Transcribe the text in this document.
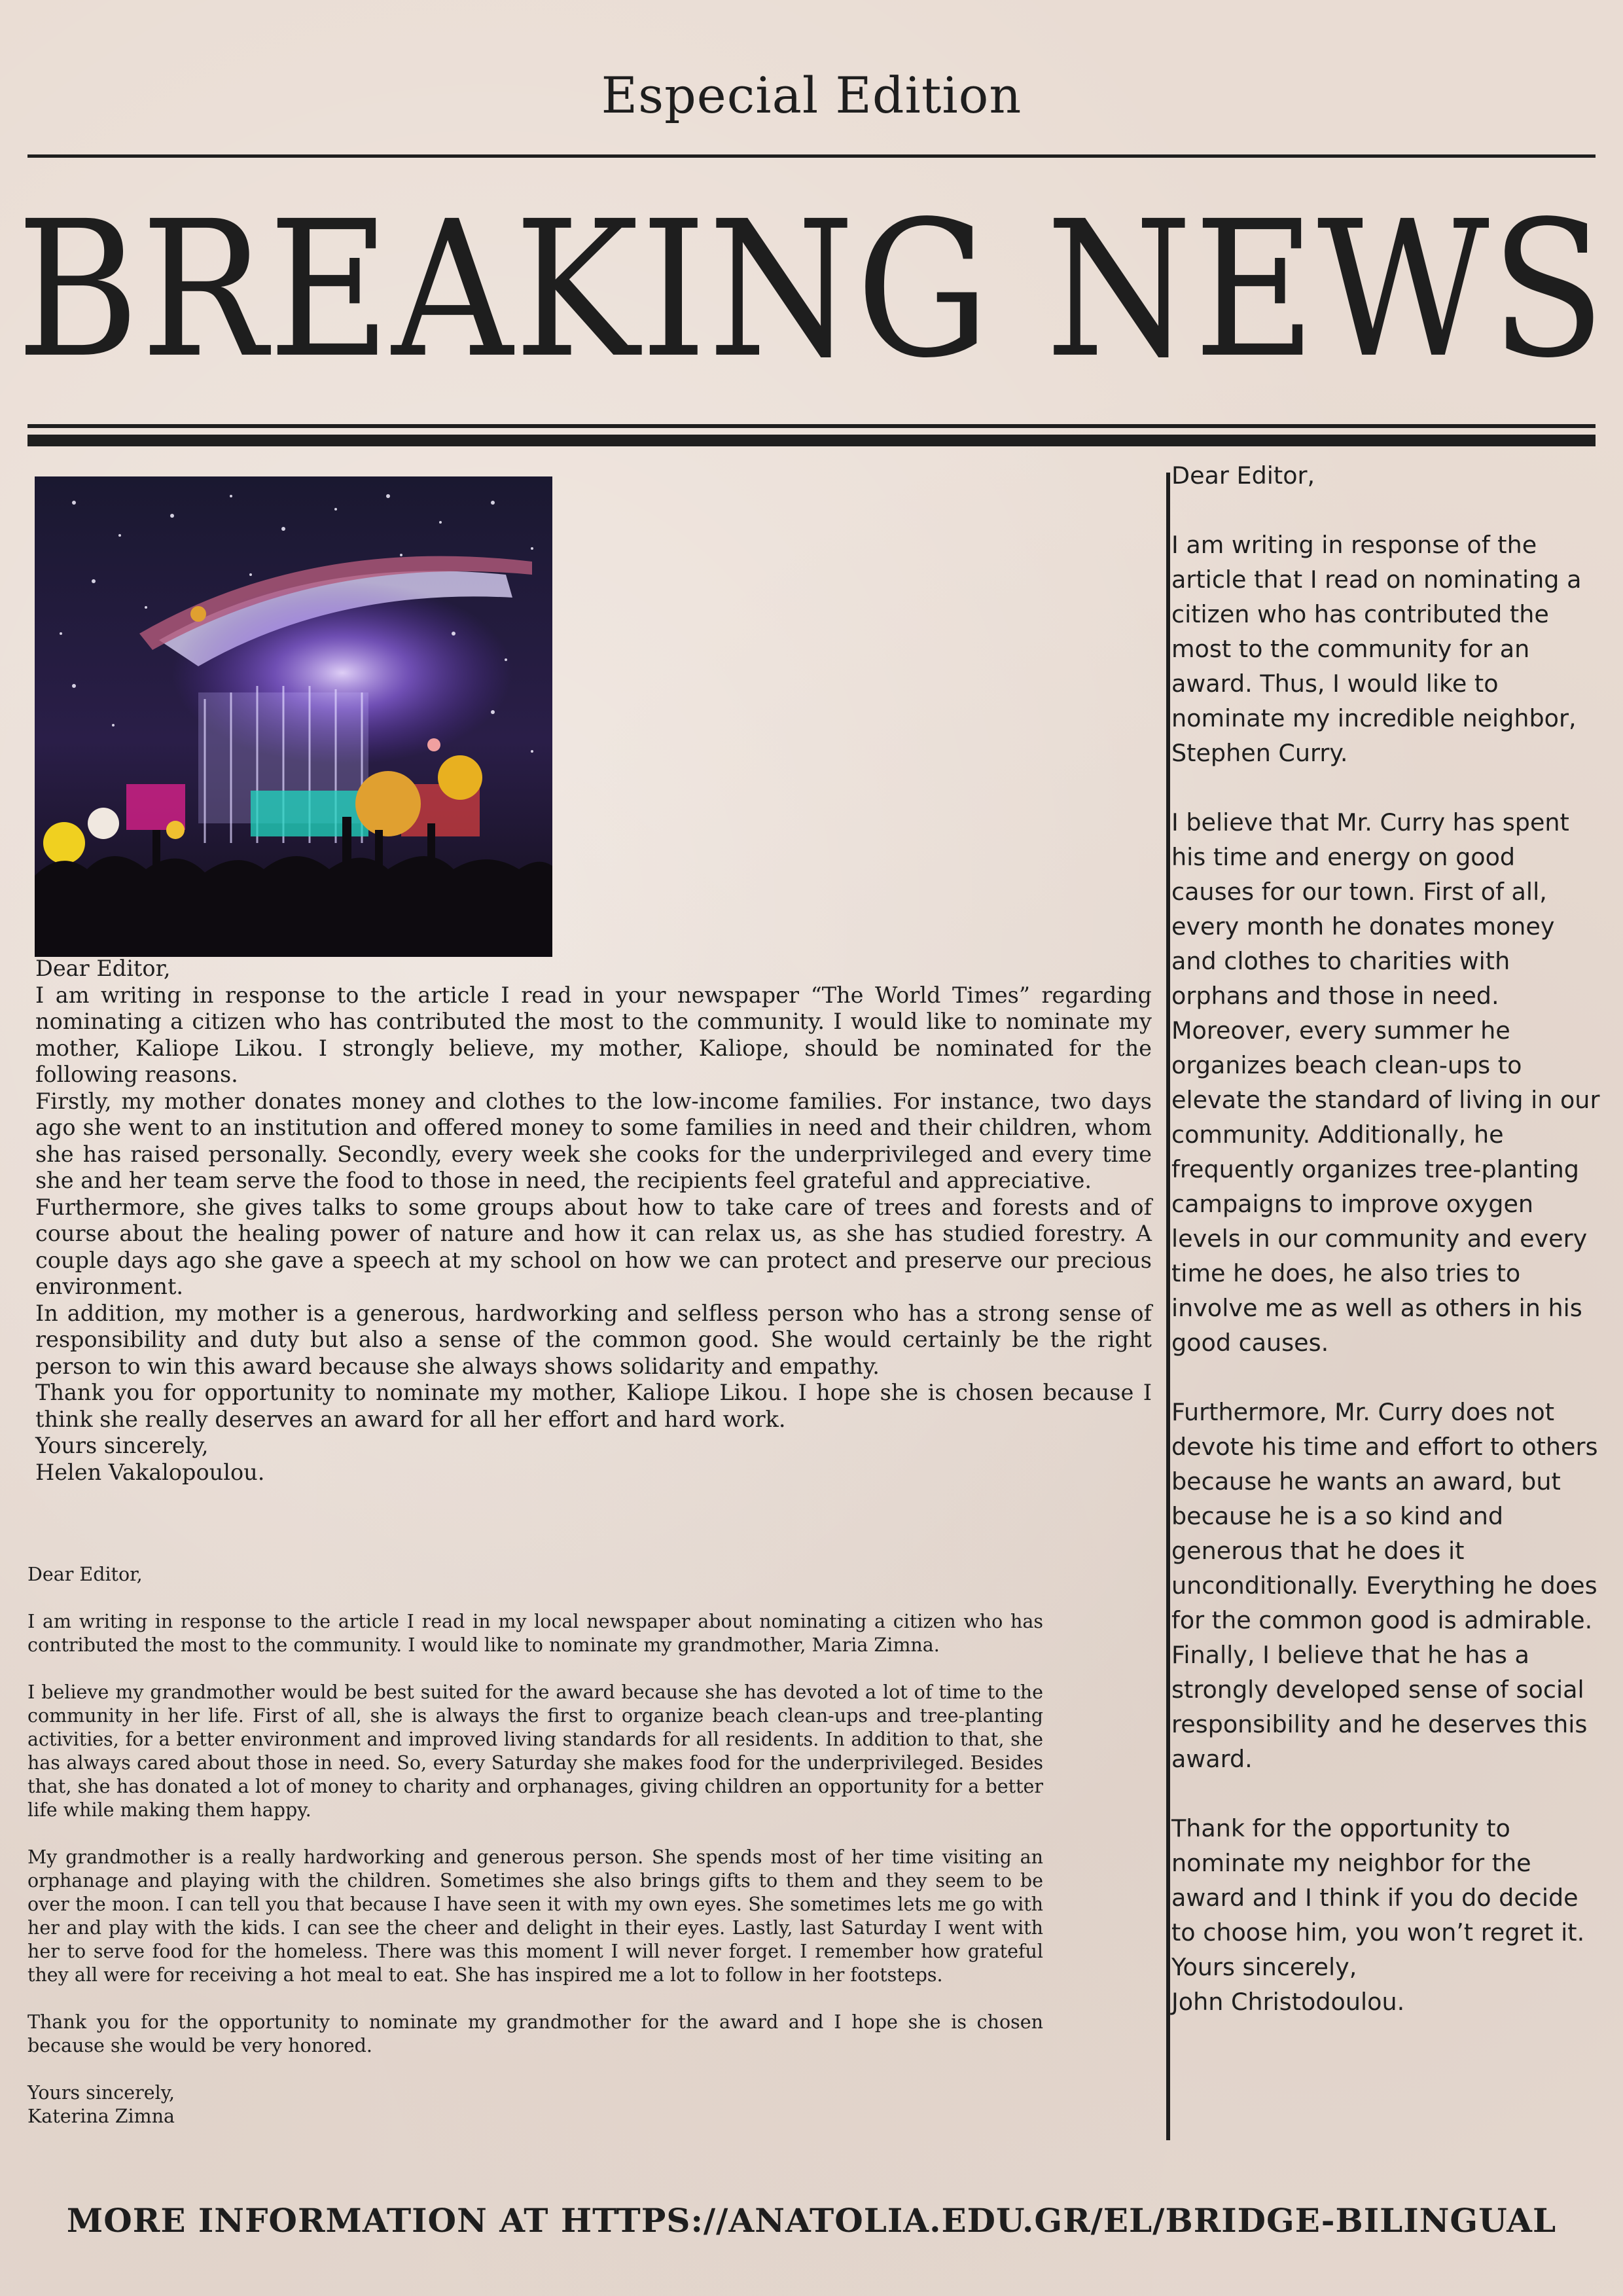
Especial Edition
BREAKING NEWS

Dear Editor,

I am writing in response to the article I read in your newspaper “The World Times” regarding nominating a citizen who has contributed the most to the community. I would like to nominate my mother, Kaliope Likou. I strongly believe, my mother, Kaliope, should be nominated for the following reasons.

Firstly, my mother donates money and clothes to the low-income families. For instance, two days ago she went to an institution and offered money to some families in need and their children, whom she has raised personally. Secondly, every week she cooks for the underprivileged and every time she and her team serve the food to those in need, the recipients feel grateful and appreciative.

Furthermore, she gives talks to some groups about how to take care of trees and forests and of course about the healing power of nature and how it can relax us, as she has studied forestry. A couple days ago she gave a speech at my school on how we can protect and preserve our precious environment.

In addition, my mother is a generous, hardworking and selfless person who has a strong sense of responsibility and duty but also a sense of the common good. She would certainly be the right person to win this award because she always shows solidarity and empathy.

Thank you for opportunity to nominate my mother, Kaliope Likou. I hope she is chosen because I think she really deserves an award for all her effort and hard work.

Yours sincerely,

Helen Vakalopoulou.

Dear Editor,

I am writing in response to the article I read in my local newspaper about nominating a citizen who has contributed the most to the community. I would like to nominate my grandmother, Maria Zimna.

I believe my grandmother would be best suited for the award because she has devoted a lot of time to the community in her life. First of all, she is always the first to organize beach clean-ups and tree-planting activities, for a better environment and improved living standards for all residents. In addition to that, she has always cared about those in need. So, every Saturday she makes food for the underprivileged. Besides that, she has donated a lot of money to charity and orphanages, giving children an opportunity for a better life while making them happy.

My grandmother is a really hardworking and generous person. She spends most of her time visiting an orphanage and playing with the children. Sometimes she also brings gifts to them and they seem to be over the moon. I can tell you that because I have seen it with my own eyes. She sometimes lets me go with her and play with the kids. I can see the cheer and delight in their eyes. Lastly, last Saturday I went with her to serve food for the homeless. There was this moment I will never forget. I remember how grateful they all were for receiving a hot meal to eat. She has inspired me a lot to follow in her footsteps.

Thank you for the opportunity to nominate my grandmother for the award and I hope she is chosen because she would be very honored.

Yours sincerely,

Katerina Zimna

Dear Editor,

I am writing in response of the article that I read on nominating a citizen who has contributed the most to the community for an award. Thus, I would like to nominate my incredible neighbor, Stephen Curry.

I believe that Mr. Curry has spent his time and energy on good causes for our town. First of all, every month he donates money and clothes to charities with orphans and those in need. Moreover, every summer he organizes beach clean-ups to elevate the standard of living in our community. Additionally, he frequently organizes tree-planting campaigns to improve oxygen levels in our community and every time he does, he also tries to involve me as well as others in his good causes.

Furthermore, Mr. Curry does not devote his time and effort to others because he wants an award, but because he is a so kind and generous that he does it unconditionally. Everything he does for the common good is admirable. Finally, I believe that he has a strongly developed sense of social responsibility and he deserves this award.

Thank for the opportunity to nominate my neighbor for the award and I think if you do decide to choose him, you won’t regret it.

Yours sincerely,

John Christodoulou.

MORE INFORMATION AT HTTPS://ANATOLIA.EDU.GR/EL/BRIDGE-BILINGUAL
